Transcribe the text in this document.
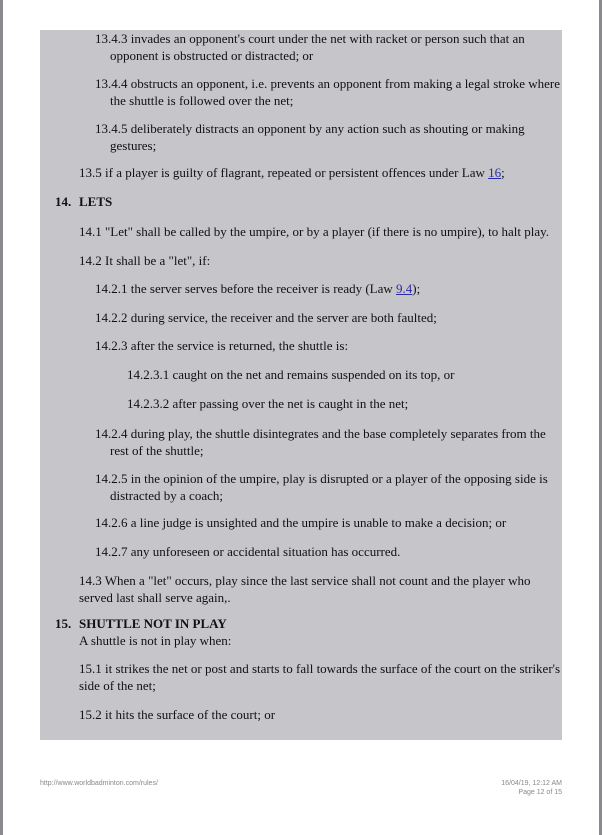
13.4.3 invades an opponent's court under the net with racket or person such that an
opponent is obstructed or distracted; or
13.4.4 obstructs an opponent, i.e. prevents an opponent from making a legal stroke where
the shuttle is followed over the net;
13.4.5 deliberately distracts an opponent by any action such as shouting or making
gestures;
13.5 if a player is guilty of flagrant, repeated or persistent offences under Law 16;
14. LETS
14.1 "Let" shall be called by the umpire, or by a player (if there is no umpire), to halt play.
14.2 It shall be a "let", if:
14.2.1 the server serves before the receiver is ready (Law 9.4);
14.2.2 during service, the receiver and the server are both faulted;
14.2.3 after the service is returned, the shuttle is:
14.2.3.1 caught on the net and remains suspended on its top, or
14.2.3.2 after passing over the net is caught in the net;
14.2.4 during play, the shuttle disintegrates and the base completely separates from the
rest of the shuttle;
14.2.5 in the opinion of the umpire, play is disrupted or a player of the opposing side is
distracted by a coach;
14.2.6 a line judge is unsighted and the umpire is unable to make a decision; or
14.2.7 any unforeseen or accidental situation has occurred.
14.3 When a "let" occurs, play since the last service shall not count and the player who
served last shall serve again,.
15. SHUTTLE NOT IN PLAY
A shuttle is not in play when:
15.1 it strikes the net or post and starts to fall towards the surface of the court on the striker's
side of the net;
15.2 it hits the surface of the court; or
http://www.worldbadminton.com/rules/	16/04/19, 12:12 AM
Page 12 of 15
